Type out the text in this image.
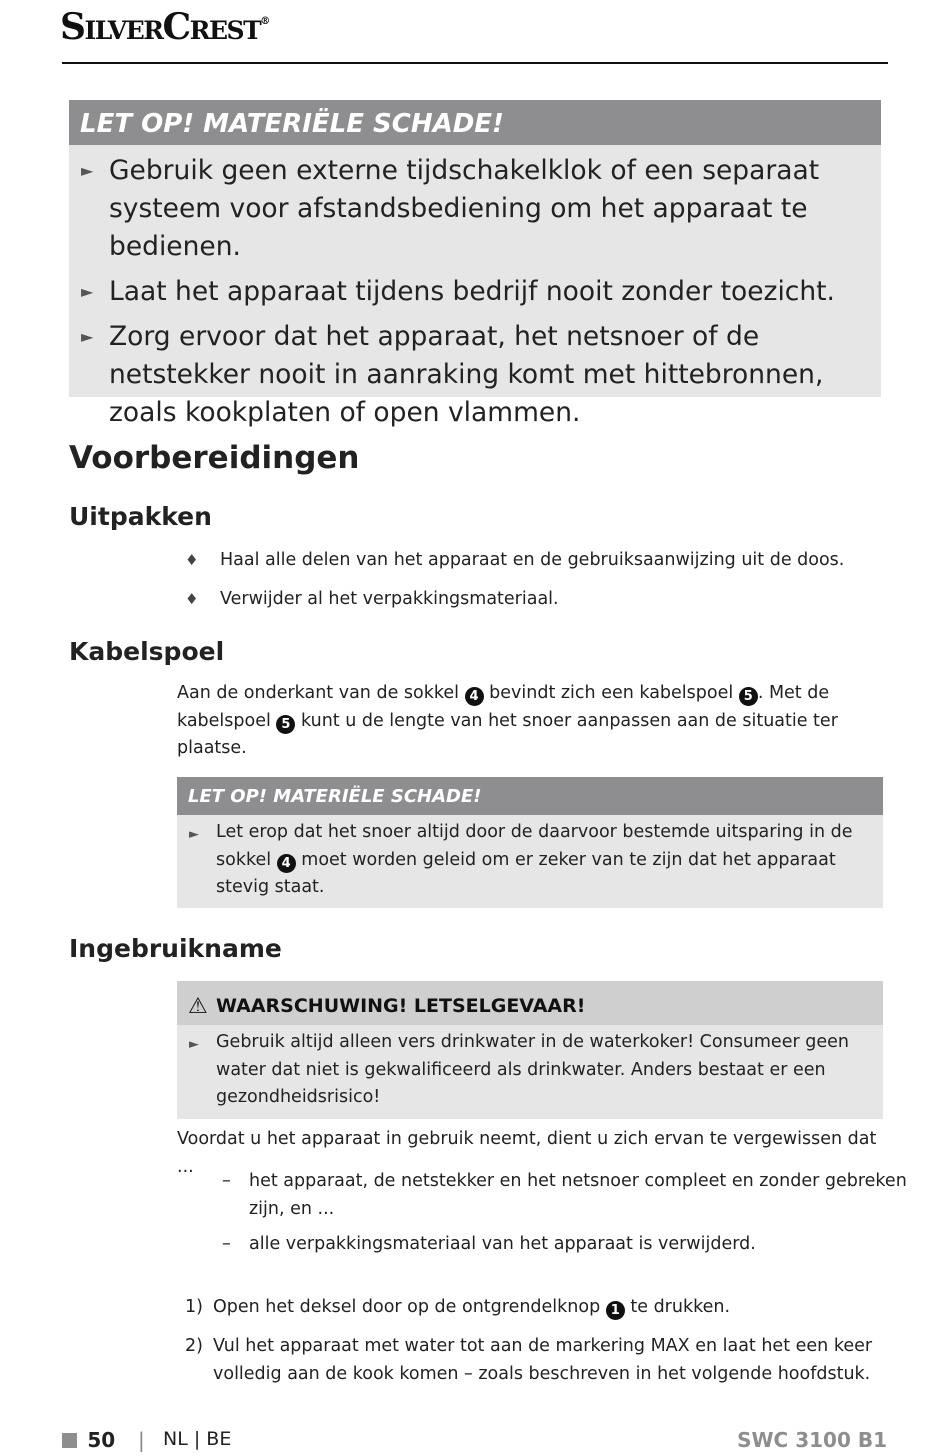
SilverCrest®
LET OP! MATERIËLE SCHADE!
► Gebruik geen externe tijdschakelklok of een separaat systeem voor afstandsbediening om het apparaat te bedienen.
► Laat het apparaat tijdens bedrijf nooit zonder toezicht.
► Zorg ervoor dat het apparaat, het netsnoer of de netstekker nooit in aanraking komt met hittebronnen, zoals kookplaten of open vlammen.
Voorbereidingen
Uitpakken
♦ Haal alle delen van het apparaat en de gebruiksaanwijzing uit de doos.
♦ Verwijder al het verpakkingsmateriaal.
Kabelspoel
Aan de onderkant van de sokkel 4 bevindt zich een kabelspoel 5 . Met de kabelspoel 5 kunt u de lengte van het snoer aanpassen aan de situatie ter plaatse.
LET OP! MATERIËLE SCHADE!
► Let erop dat het snoer altijd door de daarvoor bestemde uitsparing in de sokkel 4 moet worden geleid om er zeker van te zijn dat het apparaat stevig staat.
Ingebruikname
⚠ WAARSCHUWING! LETSELGEVAAR!
► Gebruik altijd alleen vers drinkwater in de waterkoker! Consumeer geen water dat niet is gekwalificeerd als drinkwater. Anders bestaat er een gezondheidsrisico!
Voordat u het apparaat in gebruik neemt, dient u zich ervan te vergewissen dat ...
– het apparaat, de netstekker en het netsnoer compleet en zonder gebreken zijn, en ...
– alle verpakkingsmateriaal van het apparaat is verwijderd.
1) Open het deksel door op de ontgrendelknop 1 te drukken.
2) Vul het apparaat met water tot aan de markering MAX en laat het een keer volledig aan de kook komen – zoals beschreven in het volgende hoofdstuk.
50 | NL | BE	SWC 3100 B1
